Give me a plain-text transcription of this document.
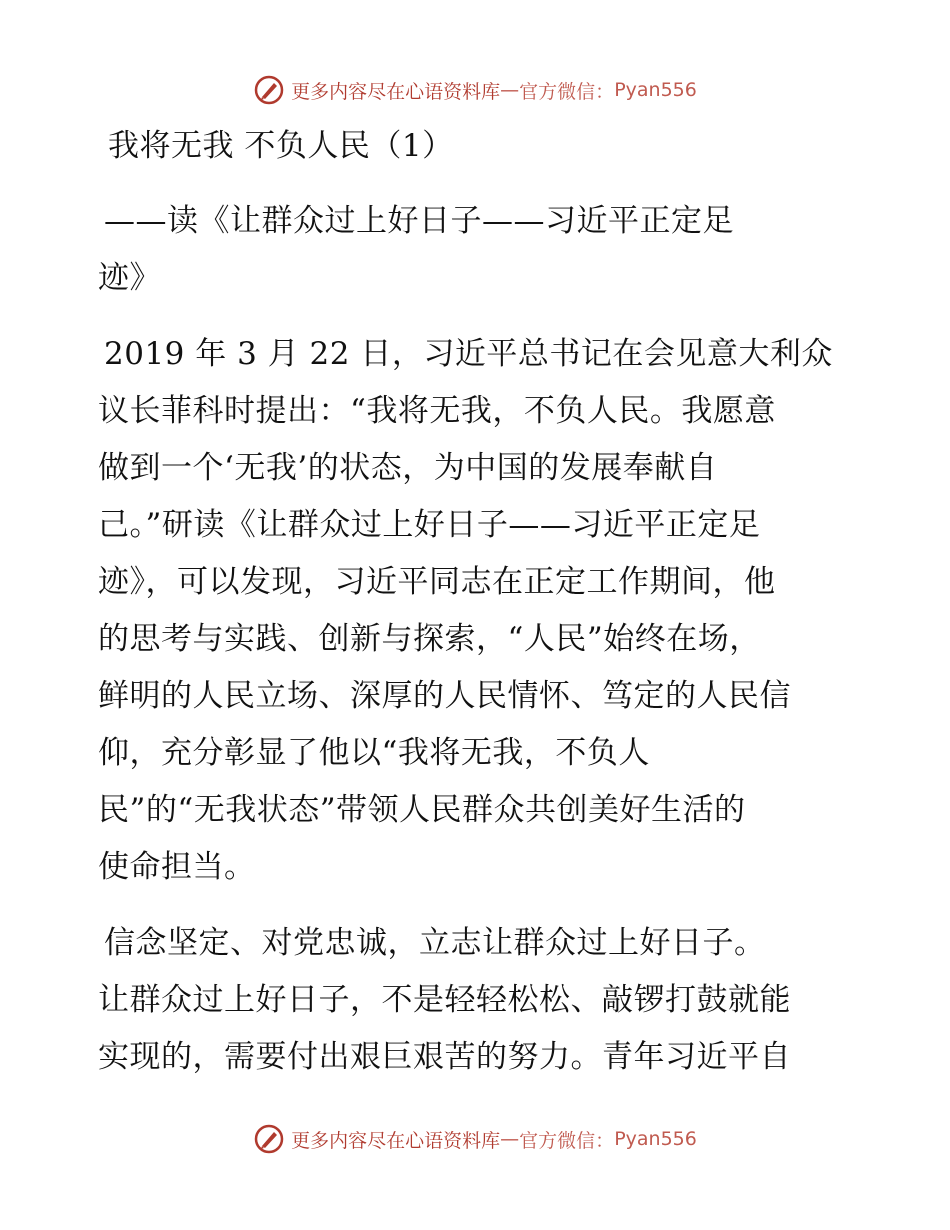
更多内容尽在心语资料库 — 官方微信： Pyan556
我将无我 不负人民（1）
——读《让群众过上好日子——习近平正定足
迹》
2019 年 3 月 22 日，习近平总书记在会见意大利众
议长菲科时提出：“我将无我，不负人民。我愿意
做到一个‘无我’的状态，为中国的发展奉献自
己。”研读《让群众过上好日子——习近平正定足
迹》，可以发现，习近平同志在正定工作期间，他
的思考与实践、创新与探索，“人民”始终在场，
鲜明的人民立场、深厚的人民情怀、笃定的人民信
仰，充分彰显了他以“我将无我，不负人
民”的“无我状态”带领人民群众共创美好生活的
使命担当。
信念坚定、对党忠诚，立志让群众过上好日子。
让群众过上好日子，不是轻轻松松、敲锣打鼓就能
实现的，需要付出艰巨艰苦的努力。青年习近平自
更多内容尽在心语资料库 — 官方微信： Pyan556
